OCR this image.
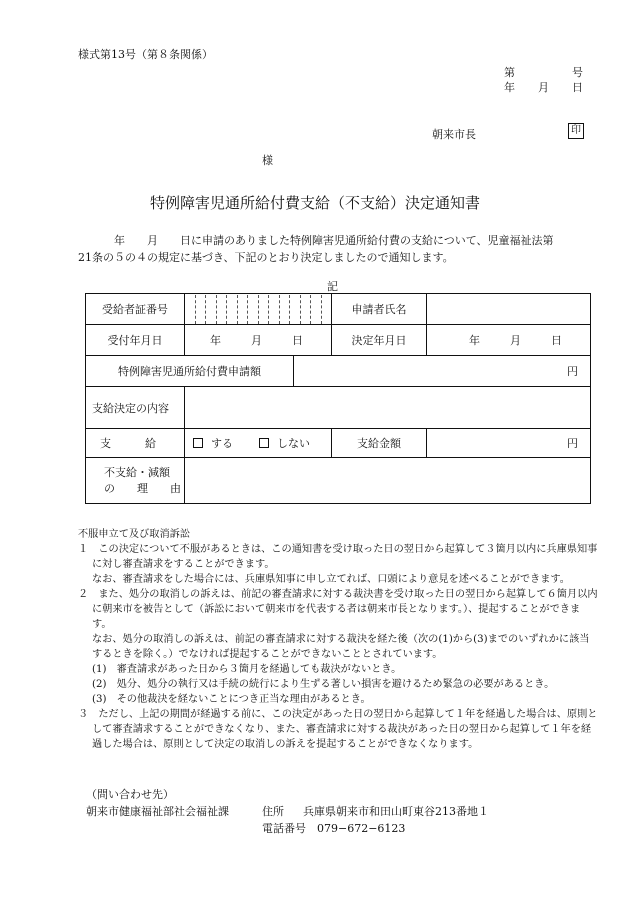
様式第13号（第８条関係）
第	号
年 月 日
朝来市長	印
様
特例障害児通所給付費支給（不支給）決定通知書
年　　月　　日に申請のありました特例障害児通所給付費の支給について、児童福祉法第
21条の５の４の規定に基づき、下記のとおり決定しましたので通知します。
記
受給者証番号			申請者氏名	
受付年月日	年 月 日		決定年月日	年 月 日

特例障害児通所給付費申請額		円		
支給決定の内容				

支 給	する しない		支給金額	円

不支給・減額
の　　 理　　 由				

不服申立て及び取消訴訟

１　この決定について不服があるときは、この通知書を受け取った日の翌日から起算して３箇月以内に兵庫県知事に対し審査請求をすることができます。

なお、審査請求をした場合には、兵庫県知事に申し立てれば、口頭により意見を述べることができます。

２　また、処分の取消しの訴えは、前記の審査請求に対する裁決書を受け取った日の翌日から起算して６箇月以内に朝来市を被告として（訴訟において朝来市を代表する者は朝来市長となります。）、提起することができます。

なお、処分の取消しの訴えは、前記の審査請求に対する裁決を経た後（次の(1)から(3)までのいずれかに該当するときを除く。）でなければ提起することができないこととされています。

(1)　審査請求があった日から３箇月を経過しても裁決がないとき。

(2)　処分、処分の執行又は手続の続行により生ずる著しい損害を避けるため緊急の必要があるとき。

(3)　その他裁決を経ないことにつき正当な理由があるとき。

３　ただし、上記の期間が経過する前に、この決定があった日の翌日から起算して１年を経過した場合は、原則として審査請求することができなくなり、また、審査請求に対する裁決があった日の翌日から起算して１年を経過した場合は、原則として決定の取消しの訴えを提起することができなくなります。

（問い合わせ先）
朝来市健康福祉部社会福祉課	住所　 兵庫県朝来市和田山町東谷213番地１
電話番号　 079−672−6123
